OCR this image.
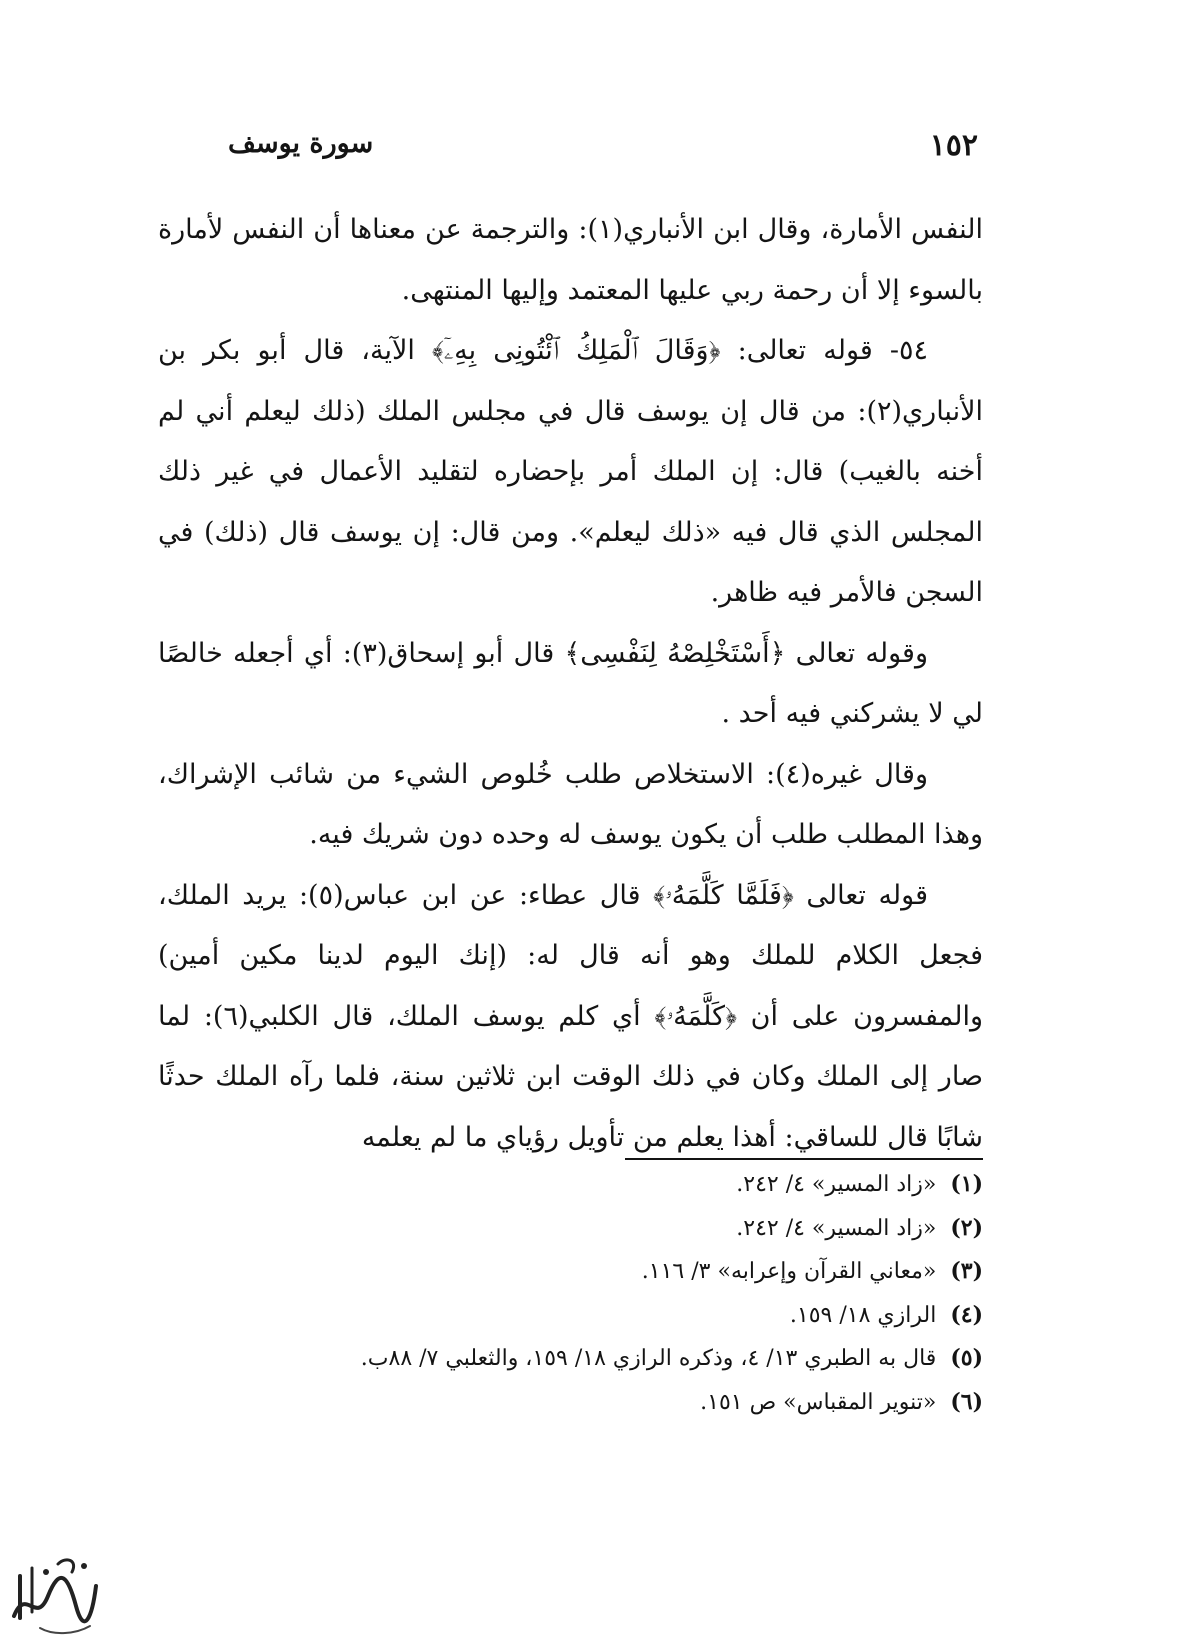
١٥٢
سورة يوسف

النفس الأمارة، وقال ابن الأنباري(١): والترجمة عن معناها أن النفس لأمارة بالسوء إلا أن رحمة ربي عليها المعتمد وإليها المنتهى.

٥٤- قوله تعالى: ﴿وَقَالَ ٱلْمَلِكُ ٱئْتُونِى بِهِۦٓ﴾ الآية، قال أبو بكر بن الأنباري(٢): من قال إن يوسف قال في مجلس الملك (ذلك ليعلم أني لم أخنه بالغيب) قال: إن الملك أمر بإحضاره لتقليد الأعمال في غير ذلك المجلس الذي قال فيه «ذلك ليعلم». ومن قال: إن يوسف قال (ذلك) في السجن فالأمر فيه ظاهر.

وقوله تعالى ﴿أَسْتَخْلِصْهُ لِنَفْسِى﴾ قال أبو إسحاق(٣): أي أجعله خالصًا لي لا يشركني فيه أحد .

وقال غيره(٤): الاستخلاص طلب خُلوص الشيء من شائب الإشراك، وهذا المطلب طلب أن يكون يوسف له وحده دون شريك فيه.

قوله تعالى ﴿فَلَمَّا كَلَّمَهُۥ﴾ قال عطاء: عن ابن عباس(٥): يريد الملك، فجعل الكلام للملك وهو أنه قال له: (إنك اليوم لدينا مكين أمين) والمفسرون على أن ﴿كَلَّمَهُۥ﴾ أي كلم يوسف الملك، قال الكلبي(٦): لما صار إلى الملك وكان في ذلك الوقت ابن ثلاثين سنة، فلما رآه الملك حدثًا شابًا قال للساقي: أهذا يعلم من تأويل رؤياي ما لم يعلمه

(١)«زاد المسير» ٤/ ٢٤٢.
(٢)«زاد المسير» ٤/ ٢٤٢.
(٣)«معاني القرآن وإعرابه» ٣/ ١١٦.
(٤)الرازي ١٨/ ١٥٩.
(٥)قال به الطبري ١٣/ ٤، وذكره الرازي ١٨/ ١٥٩، والثعلبي ٧/ ٨٨ب.
(٦)«تنوير المقباس» ص ١٥١.
